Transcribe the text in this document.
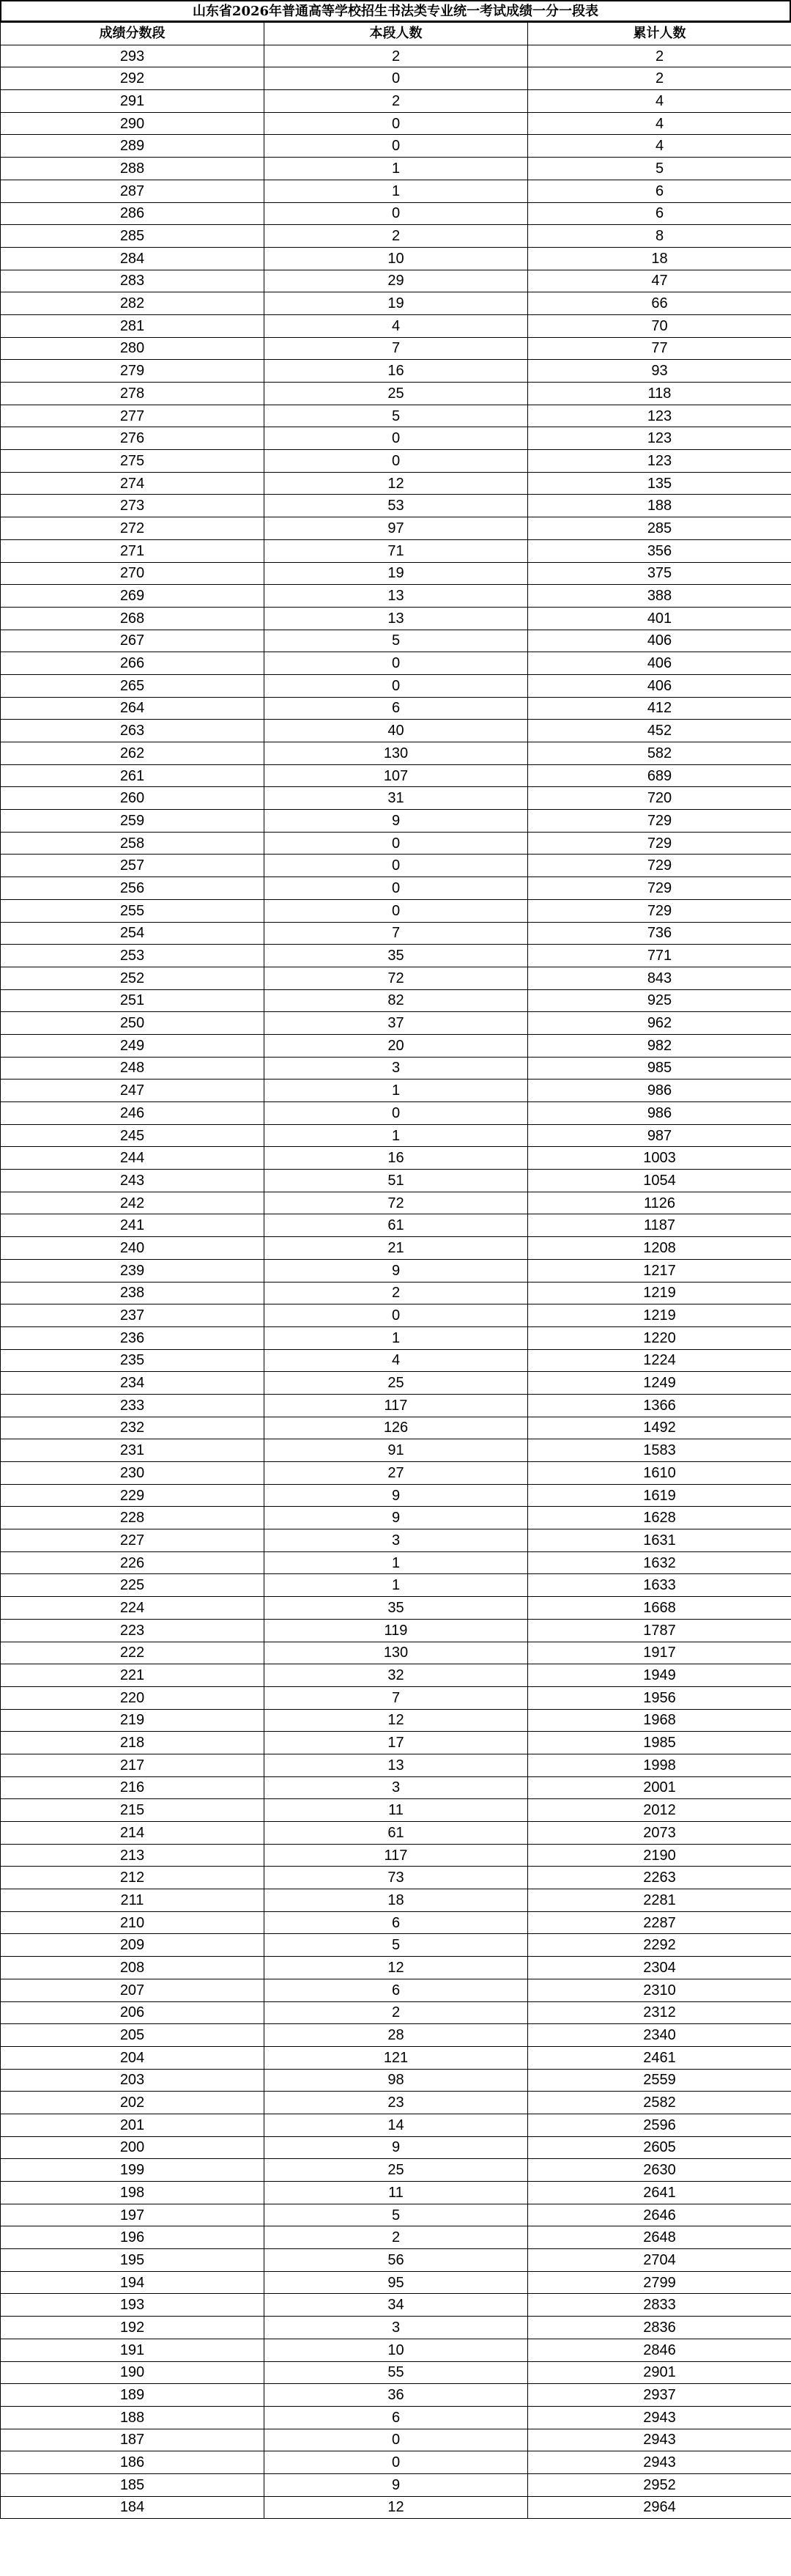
山东省2026年普通高等学校招生书法类专业统一考试成绩一分一段表
成绩分数段	本段人数	累计人数
293	2	2
292	0	2
291	2	4
290	0	4
289	0	4
288	1	5
287	1	6
286	0	6
285	2	8
284	10	18
283	29	47
282	19	66
281	4	70
280	7	77
279	16	93
278	25	118
277	5	123
276	0	123
275	0	123
274	12	135
273	53	188
272	97	285
271	71	356
270	19	375
269	13	388
268	13	401
267	5	406
266	0	406
265	0	406
264	6	412
263	40	452
262	130	582
261	107	689
260	31	720
259	9	729
258	0	729
257	0	729
256	0	729
255	0	729
254	7	736
253	35	771
252	72	843
251	82	925
250	37	962
249	20	982
248	3	985
247	1	986
246	0	986
245	1	987
244	16	1003
243	51	1054
242	72	1126
241	61	1187
240	21	1208
239	9	1217
238	2	1219
237	0	1219
236	1	1220
235	4	1224
234	25	1249
233	117	1366
232	126	1492
231	91	1583
230	27	1610
229	9	1619
228	9	1628
227	3	1631
226	1	1632
225	1	1633
224	35	1668
223	119	1787
222	130	1917
221	32	1949
220	7	1956
219	12	1968
218	17	1985
217	13	1998
216	3	2001
215	11	2012
214	61	2073
213	117	2190
212	73	2263
211	18	2281
210	6	2287
209	5	2292
208	12	2304
207	6	2310
206	2	2312
205	28	2340
204	121	2461
203	98	2559
202	23	2582
201	14	2596
200	9	2605
199	25	2630
198	11	2641
197	5	2646
196	2	2648
195	56	2704
194	95	2799
193	34	2833
192	3	2836
191	10	2846
190	55	2901
189	36	2937
188	6	2943
187	0	2943
186	0	2943
185	9	2952
184	12	2964
